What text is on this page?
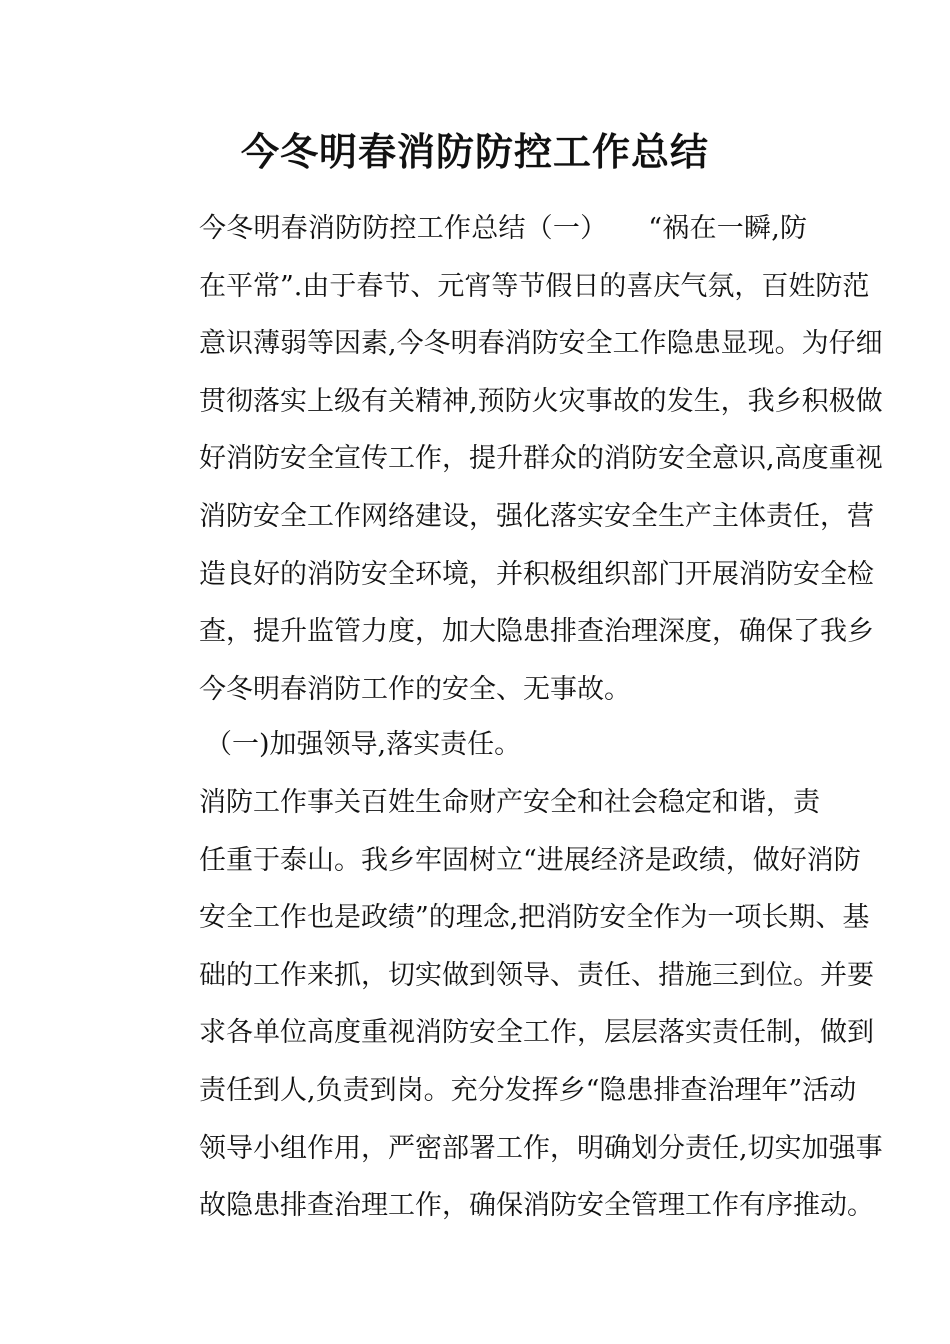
今冬明春消防防控工作总结
今冬明春消防防控工作总结（一）　　“祸在一瞬,防
在平常”.由于春节、元宵等节假日的喜庆气氛，百姓防范
意识薄弱等因素,今冬明春消防安全工作隐患显现。为仔细
贯彻落实上级有关精神,预防火灾事故的发生，我乡积极做
好消防安全宣传工作，提升群众的消防安全意识,高度重视
消防安全工作网络建设，强化落实安全生产主体责任，营
造良好的消防安全环境，并积极组织部门开展消防安全检
查，提升监管力度，加大隐患排查治理深度，确保了我乡
今冬明春消防工作的安全、无事故。
（一)加强领导,落实责任。
消防工作事关百姓生命财产安全和社会稳定和谐，责
任重于泰山。我乡牢固树立“进展经济是政绩，做好消防
安全工作也是政绩”的理念,把消防安全作为一项长期、基
础的工作来抓，切实做到领导、责任、措施三到位。并要
求各单位高度重视消防安全工作，层层落实责任制，做到
责任到人,负责到岗。充分发挥乡“隐患排查治理年”活动
领导小组作用，严密部署工作，明确划分责任,切实加强事
故隐患排查治理工作，确保消防安全管理工作有序推动。
